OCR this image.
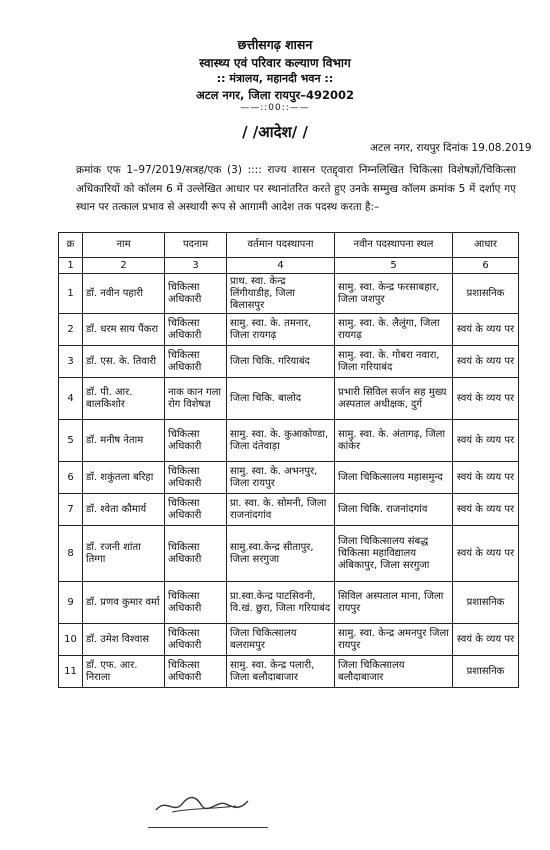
छत्तीसगढ़ शासन
स्वास्थ्य एवं परिवार कल्याण विभाग
:: मंत्रालय, महानदी भवन ::
अटल नगर, जिला रायपुर–492002
——::00::——
/ /आदेश/ /
अटल नगर, रायपुर दिनांक 19.08.2019
क्रमांक एफ 1–97/2019/सत्रह/एक (3) :::: राज्य शासन एतद्द्वारा निम्नलिखित चिकित्सा विशेषज्ञों/चिकित्सा अधिकारियों को कॉलम 6 में उल्लेखित आधार पर स्थानांतरित करते हुए उनके सम्मुख कॉलम क्रमांक 5 में दर्शाए गए स्थान पर तत्काल प्रभाव से अस्थायी रूप से आगामी आदेश तक पदस्थ करता है:–
क्र	नाम	पदनाम	वर्तमान पदस्थापना	नवीन पदस्थापना स्थल	आधार
1	2	3	4	5	6
1	डॉ. नवीन पहारी	चिकित्सा अधिकारी	प्राथ. स्वा. केन्द्र लिंगीयाडीह, जिला बिलासपुर	सामु. स्वा. केन्द्र फरसाबहार, जिला जशपुर	प्रशासनिक
2	डॉ. धरम साय पैंकरा	चिकित्सा अधिकारी	सामु. स्वा. के. तमनार, जिला रायगढ़	सामु. स्वा. के. लैलूंगा, जिला रायगढ़	स्वयं के व्यय पर
3	डॉ. एस. के. तिवारी	चिकित्सा अधिकारी	जिला चिकि. गरियाबंद	सामु. स्वा. के. गोबरा नवारा, जिला गरियाबंद	स्वयं के व्यय पर
4	डॉ. पी. आर. बालकिशोर	नाक कान गला रोग विशेषज्ञ	जिला चिकि. बालोद	प्रभारी सिविल सर्जन सह मुख्य अस्पताल अधीक्षक, दुर्ग	स्वयं के व्यय पर
5	डॉ. मनीष नेताम	चिकित्सा अधिकारी	सामु. स्वा. के. कुआकोण्डा, जिला दंतेवाड़ा	सामु. स्वा. के. अंतागढ़, जिला कांकेर	स्वयं के व्यय पर
6	डॉ. शकुंतला बरिहा	चिकित्सा अधिकारी	सामु. स्वा. के. अभनपुर, जिला रायपुर	जिला चिकित्सालय महासमुन्द	स्वयं के व्यय पर
7	डॉ. श्वेता कौमार्य	चिकित्सा अधिकारी	प्रा. स्वा. के. सोमनी, जिला राजनांदगांव	जिला चिकि. राजनांदगांव	स्वयं के व्यय पर
8	डॉ. रजनी शांता तिग्गा	चिकित्सा अधिकारी	सामु.स्वा.केन्द्र सीतापुर, जिला सरगुजा	जिला चिकित्सालय संबद्ध चिकित्सा महाविद्यालय अंबिकापुर, जिला सरगुजा	स्वयं के व्यय पर
9	डॉ. प्रणव कुमार वर्मा	चिकित्सा अधिकारी	प्रा.स्वा.केन्द्र पाटसिवनी, वि.खं. छुरा, जिला गरियाबंद	सिविल अस्पताल माना, जिला रायपुर	प्रशासनिक
10	डॉ. उमेश विश्वास	चिकित्सा अधिकारी	जिला चिकित्सालय बलरामपुर	सामु. स्वा. केन्द्र अमनपुर जिला रायपुर	स्वयं के व्यय पर
11	डॉ. एफ. आर. निराला	चिकित्सा अधिकारी	सामु. स्वा. केन्द्र पलारी, जिला बलौदाबाजार	जिला चिकित्सालय बलौदाबाजार	प्रशासनिक
